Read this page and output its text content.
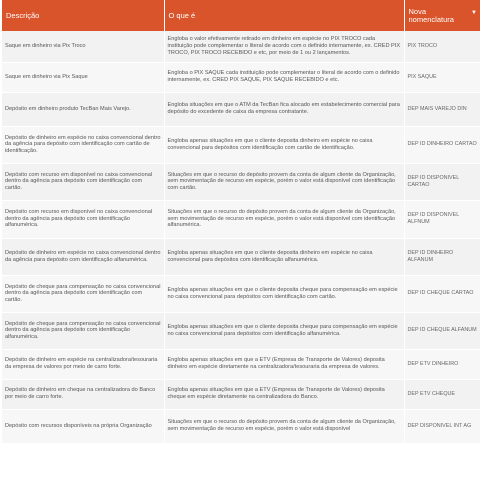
Descrição	O que é	Nova nomenclatura
▼

Saque em dinheiro via Pix Troco	Engloba o valor efetivamente retirado em dinheiro em espécie no PIX TROCO cada instituição pode complementar o literal de acordo com o definido internamente, ex. CRED PIX TROCO, PIX TROCO RECEBIDO e etc, por meio de 1 ou 2 lançamentos.	PIX TROCO
Saque em dinheiro via Pix Saque	Engloba o PIX SAQUE cada instituição pode complementar o literal de acordo com o definido internamente, ex. CRED PIX SAQUE, PIX SAQUE RECEBIDO e etc.	PIX SAQUE
Depósito em dinheiro produto TecBan Mais Varejo.	Engloba situações em que o ATM da TecBan fica alocado em estabelecimento comercial para depósito do excedente de caixa da empresa contratante.	DEP MAIS VAREJO DIN
Depósito de dinheiro em espécie no caixa convencional dentro da agência para depósito com identificação com cartão de identificação.	Engloba apenas situações em que o cliente deposita dinheiro em espécie no caixa convencional para depósitos com identificação com cartão de identificação.	DEP ID DINHEIRO CARTAO
Depósito com recurso em disponível no caixa convencional dentro da agência para depósito com identificação com cartão.	Situações em que o recurso do depósito provem da conta de algum cliente da Organização, sem movimentação de recurso em espécie, porém o valor está disponível com identificação com cartão.	DEP ID DISPONIVEL CARTAO
Depósito com recurso em disponível no caixa convencional dentro da agência para depósito com identificação alfanumérica.	Situações em que o recurso do depósito provem da conta de algum cliente da Organização, sem movimentação de recurso em espécie, porém o valor está disponível com identificação alfanumérica.	DEP ID DISPONIVEL ALFNUM
Depósito de dinheiro em espécie no caixa convencional dentro da agência para depósito com identificação alfanumérica.	Engloba apenas situações em que o cliente deposita dinheiro em espécie no caixa convencional para depósitos com identificação alfanumérica.	DEP ID DINHEIRO ALFANUM
Depósito de cheque para compensação no caixa convencional dentro da agência para depósito com identificação com cartão.	Engloba apenas situações em que o cliente deposita cheque para compensação em espécie no caixa convencional para depósitos com identificação com cartão.	DEP ID CHEQUE CARTAO
Depósito de cheque para compensação no caixa convencional dentro da agência para depósito com identificação alfanumérica.	Engloba apenas situações em que o cliente deposita cheque para compensação em espécie no caixa convencional para depósitos com identificação alfanumérica.	DEP ID CHEQUE ALFANUM
Depósito de dinheiro em espécie na centralizadora/tesouraria da empresa de valores por meio de carro forte.	Engloba apenas situações em que a ETV (Empresa de Transporte de Valores) deposita dinheiro em espécie diretamente na centralizadora/tesouraria da empresa de valores.	DEP ETV DINHEIRO
Depósito de dinheiro em cheque na centralizadora do Banco por meio de carro forte.	Engloba apenas situações em que a ETV (Empresa de Transporte de Valores) deposita cheque em espécie diretamente na centralizadora do Banco.	DEP ETV CHEQUE
Depósito com recursos disponíveis na própria Organização	Situações em que o recurso do depósito provem da conta de algum cliente da Organização, sem movimentação de recurso em espécie, porém o valor está disponível	DEP DISPONIVEL INT AG
